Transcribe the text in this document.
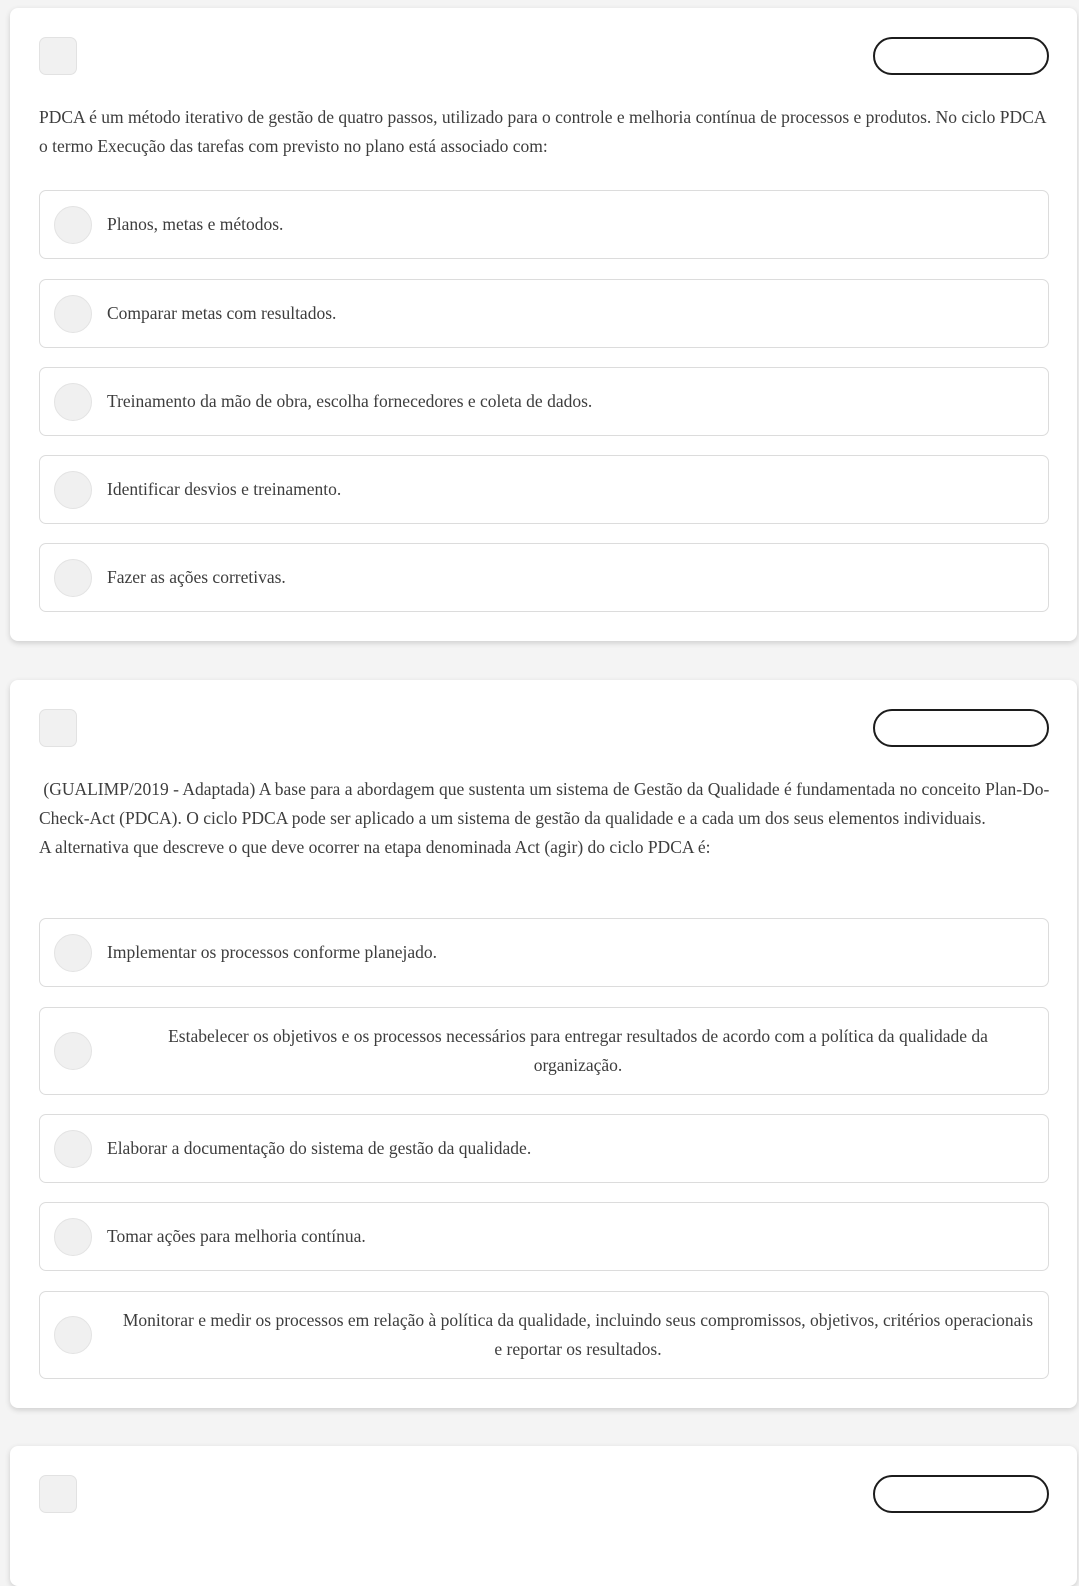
PDCA é um método iterativo de gestão de quatro passos, utilizado para o controle e melhoria contínua de processos e produtos. No ciclo PDCA o termo Execução das tarefas com previsto no plano está associado com:

Planos, metas e métodos.
Comparar metas com resultados.
Treinamento da mão de obra, escolha fornecedores e coleta de dados.
Identificar desvios e treinamento.
Fazer as ações corretivas.

(GUALIMP/2019 - Adaptada) A base para a abordagem que sustenta um sistema de Gestão da Qualidade é fundamentada no conceito Plan-Do-Check-Act (PDCA). O ciclo PDCA pode ser aplicado a um sistema de gestão da qualidade e a cada um dos seus elementos individuais.

A alternativa que descreve o que deve ocorrer na etapa denominada Act (agir) do ciclo PDCA é:

Implementar os processos conforme planejado.
Estabelecer os objetivos e os processos necessários para entregar resultados de acordo com a política da qualidade da organização.
Elaborar a documentação do sistema de gestão da qualidade.
Tomar ações para melhoria contínua.
Monitorar e medir os processos em relação à política da qualidade, incluindo seus compromissos, objetivos, critérios operacionais e reportar os resultados.
